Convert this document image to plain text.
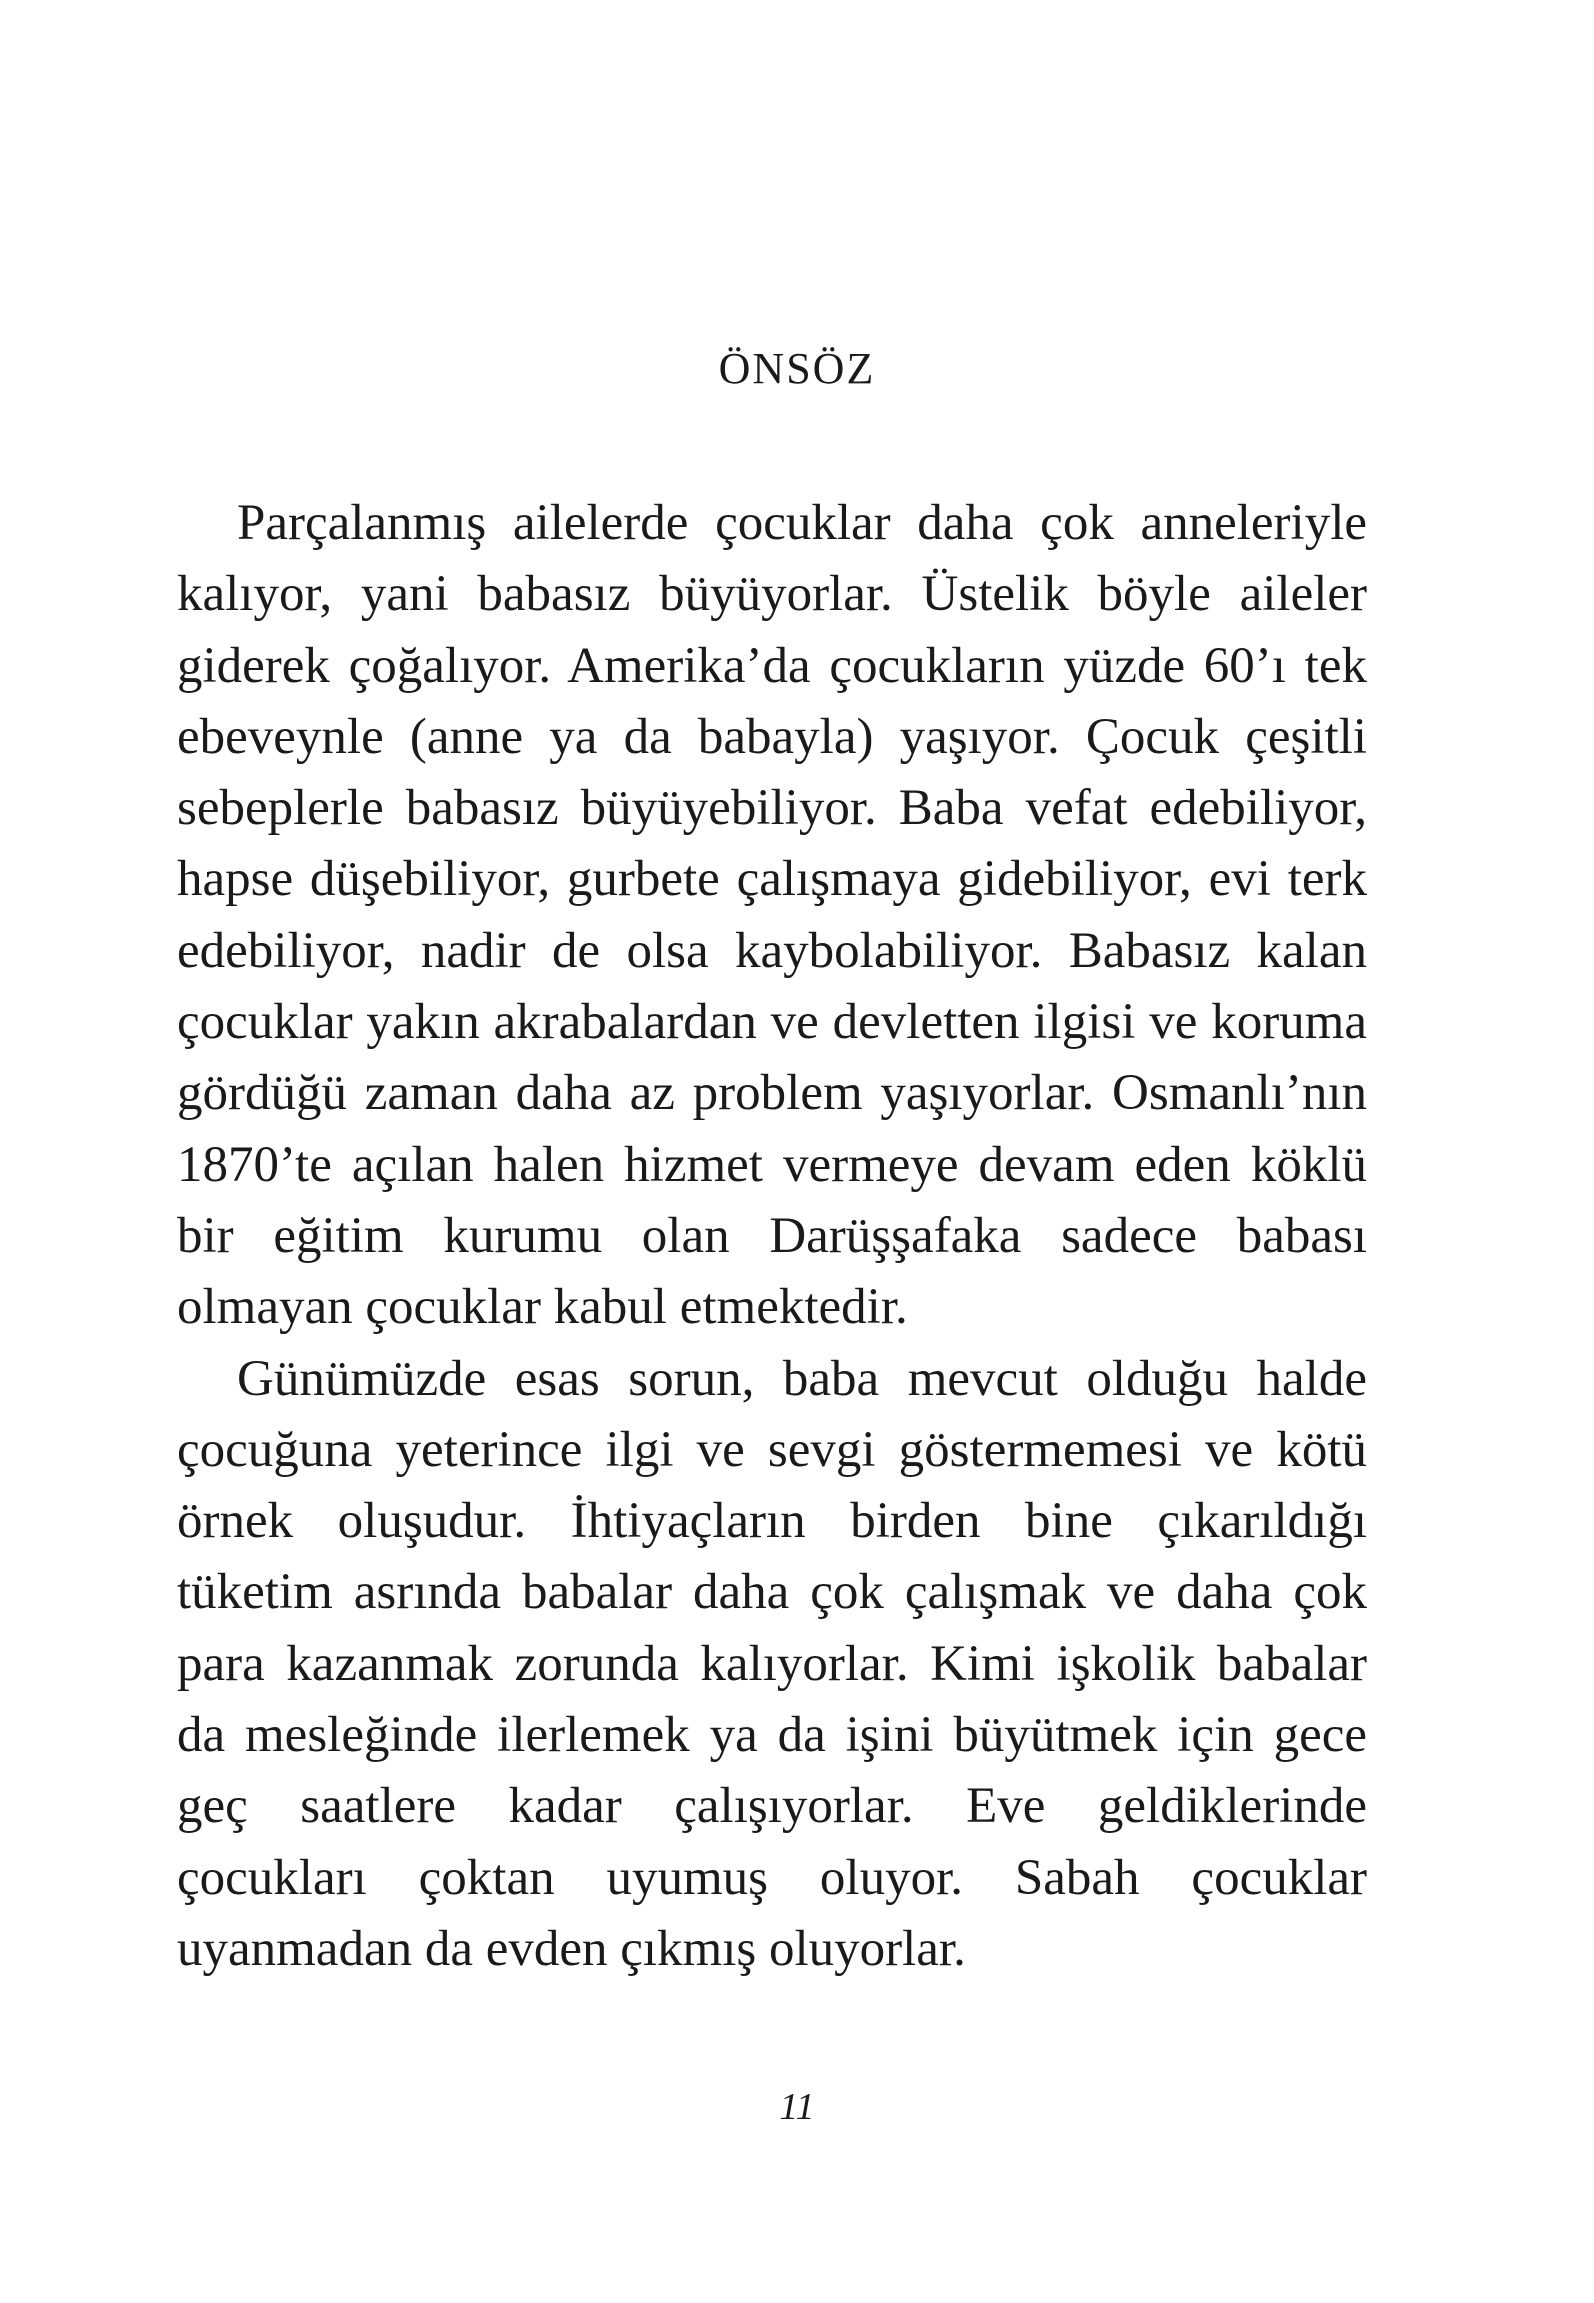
ÖNSÖZ

Parçalanmış ailelerde çocuklar daha çok anneleriyle kalıyor, yani babasız büyüyorlar. Üstelik böyle aileler giderek çoğalıyor. Amerika’da çocukların yüzde 60’ı tek ebeveynle (anne ya da babayla) yaşıyor. Çocuk çeşitli sebeplerle babasız büyüyebiliyor. Baba vefat edebiliyor, hapse düşebiliyor, gurbete çalışmaya gidebiliyor, evi terk edebiliyor, nadir de olsa kaybolabiliyor. Babasız kalan çocuklar yakın akrabalardan ve devletten ilgisi ve koruma gördüğü zaman daha az problem yaşıyorlar. Osmanlı’nın 1870’te açılan halen hizmet vermeye devam eden köklü bir eğitim kurumu olan Darüşşafaka sadece babası olmayan çocuklar kabul etmektedir.

Günümüzde esas sorun, baba mevcut olduğu halde çocuğuna yeterince ilgi ve sevgi göstermemesi ve kötü örnek oluşudur. İhtiyaçların birden bine çıkarıldığı tüketim asrında babalar daha çok çalışmak ve daha çok para kazanmak zorunda kalıyorlar. Kimi işkolik babalar da mesleğinde ilerlemek ya da işini büyütmek için gece geç saatlere kadar çalışıyorlar. Eve geldiklerinde çocukları çoktan uyumuş oluyor. Sabah çocuklar uyanmadan da evden çıkmış oluyorlar.

11
